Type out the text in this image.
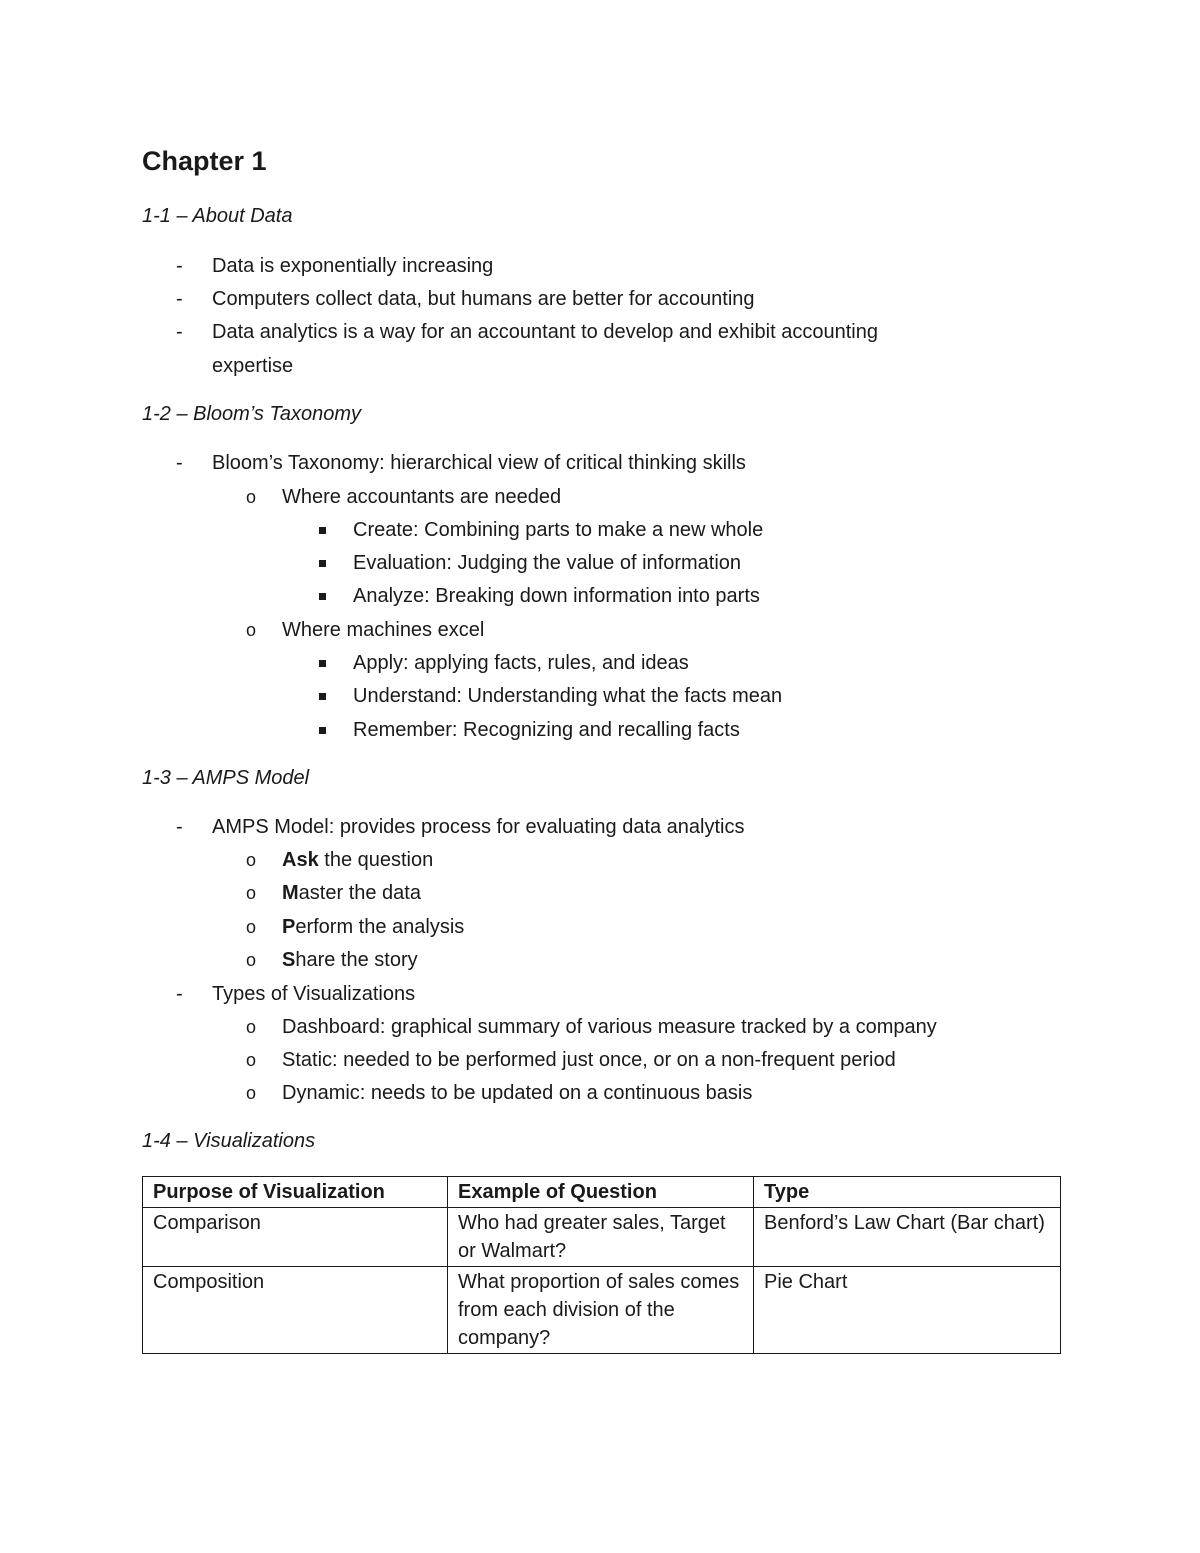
Chapter 1
1-1 – About Data
- Data is exponentially increasing
- Computers collect data, but humans are better for accounting
- Data analytics is a way for an accountant to develop and exhibit accounting
expertise
1-2 – Bloom’s Taxonomy
- Bloom’s Taxonomy: hierarchical view of critical thinking skills
o Where accountants are needed
Create: Combining parts to make a new whole
Evaluation: Judging the value of information
Analyze: Breaking down information into parts
o Where machines excel
Apply: applying facts, rules, and ideas
Understand: Understanding what the facts mean
Remember: Recognizing and recalling facts
1-3 – AMPS Model
- AMPS Model: provides process for evaluating data analytics
o Ask the question
o Master the data
o Perform the analysis
o Share the story
- Types of Visualizations
o Dashboard: graphical summary of various measure tracked by a company
o Static: needed to be performed just once, or on a non-frequent period
o Dynamic: needs to be updated on a continuous basis
1-4 – Visualizations
Purpose of Visualization	Example of Question	Type
Comparison	Who had greater sales, Target or Walmart?	Benford’s Law Chart (Bar chart)
Composition	What proportion of sales comes from each division of the company?	Pie Chart
